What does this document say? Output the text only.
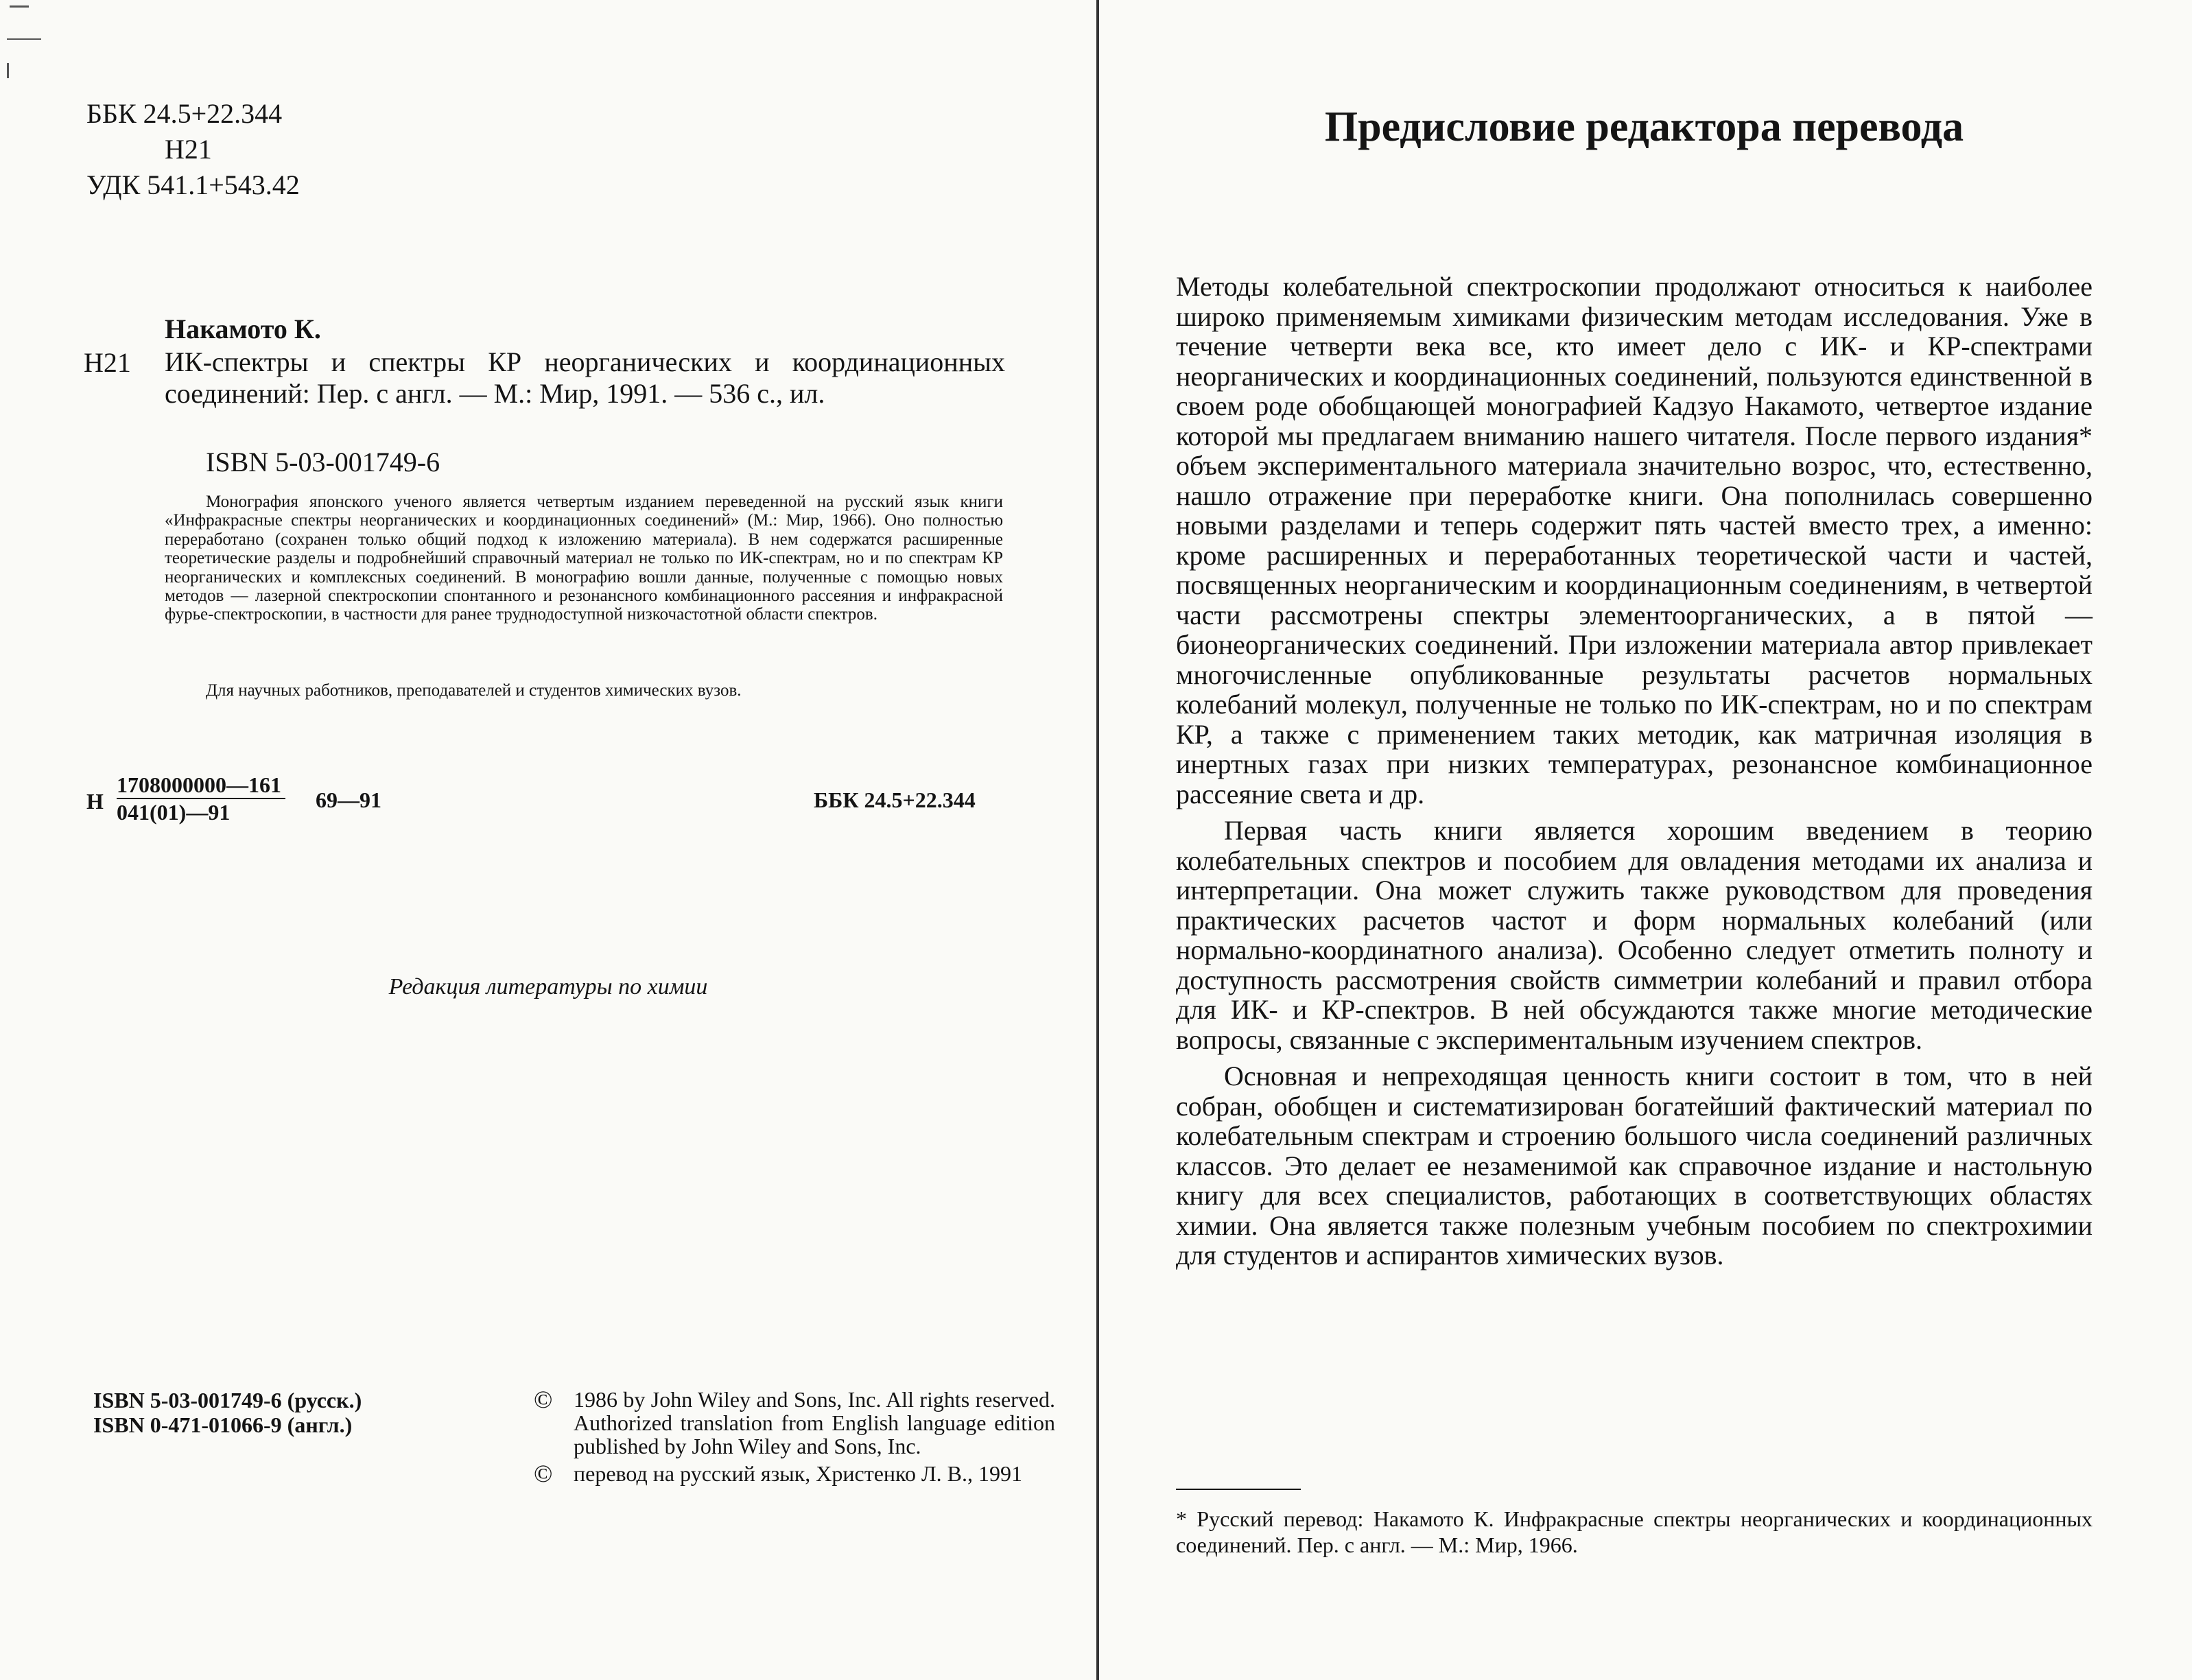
ББК 24.5+22.344
Н21
УДК 541.1+543.42
Накамото К.
Н21 ИК-спектры и спектры КР неорганических и координационных соединений: Пер. с англ. — М.: Мир, 1991. — 536 с., ил.
ISBN 5-03-001749-6
Монография японского ученого является четвертым изданием переведенной на русский язык книги «Инфракрасные спектры неорганических и координационных соединений» (М.: Мир, 1966). Оно полностью переработано (сохранен только общий подход к изложению материала). В нем содержатся расширенные теоретические разделы и подробнейший справочный материал не только по ИК-спектрам, но и по спектрам КР неорганических и комплексных соединений. В монографию вошли данные, полученные с помощью новых методов — лазерной спектроскопии спонтанного и резонансного комбинационного рассеяния и инфракрасной фурье-спектроскопии, в частности для ранее труднодоступной низкочастотной области спектров.
Для научных работников, преподавателей и студентов химических вузов.
Н $\frac{1708000000—161}{041(01)—91}$ 69—91	ББК 24.5+22.344
Редакция литературы по химии
ISBN 5-03-001749-6 (русск.)
ISBN 0-471-01066-9 (англ.)
© 1986 by John Wiley and Sons, Inc. All rights reserved. Authorized translation from English language edition published by John Wiley and Sons, Inc.
© перевод на русский язык, Христенко Л. В., 1991
Предисловие редактора перевода

Методы колебательной спектроскопии продолжают относиться к наиболее широко применяемым химиками физическим методам исследования. Уже в течение четверти века все, кто имеет дело с ИК- и КР-спектрами неорганических и координационных соединений, пользуются единственной в своем роде обобщающей монографией Кадзуо Накамото, четвертое издание которой мы предлагаем вниманию нашего читателя. После первого издания* объем экспериментального материала значительно возрос, что, естественно, нашло отражение при переработке книги. Она пополнилась совершенно новыми разделами и теперь содержит пять частей вместо трех, а именно: кроме расширенных и переработанных теоретической части и частей, посвященных неорганическим и координационным соединениям, в четвертой части рассмотрены спектры элементоорганических, а в пятой — бионеорганических соединений. При изложении материала автор привлекает многочисленные опубликованные результаты расчетов нормальных колебаний молекул, полученные не только по ИК-спектрам, но и по спектрам КР, а также с применением таких методик, как матричная изоляция в инертных газах при низких температурах, резонансное комбинационное рассеяние света и др.

Первая часть книги является хорошим введением в теорию колебательных спектров и пособием для овладения методами их анализа и интерпретации. Она может служить также руководством для проведения практических расчетов частот и форм нормальных колебаний (или нормально-координатного анализа). Особенно следует отметить полноту и доступность рассмотрения свойств симметрии колебаний и правил отбора для ИК- и КР-спектров. В ней обсуждаются также многие методические вопросы, связанные с экспериментальным изучением спектров.

Основная и непреходящая ценность книги состоит в том, что в ней собран, обобщен и систематизирован богатейший фактический материал по колебательным спектрам и строению большого числа соединений различных классов. Это делает ее незаменимой как справочное издание и настольную книгу для всех специалистов, работающих в соответствующих областях химии. Она является также полезным учебным пособием по спектрохимии для студентов и аспирантов химических вузов.

* Русский перевод: Накамото К. Инфракрасные спектры неорганических и координационных соединений. Пер. с англ. — М.: Мир, 1966.
